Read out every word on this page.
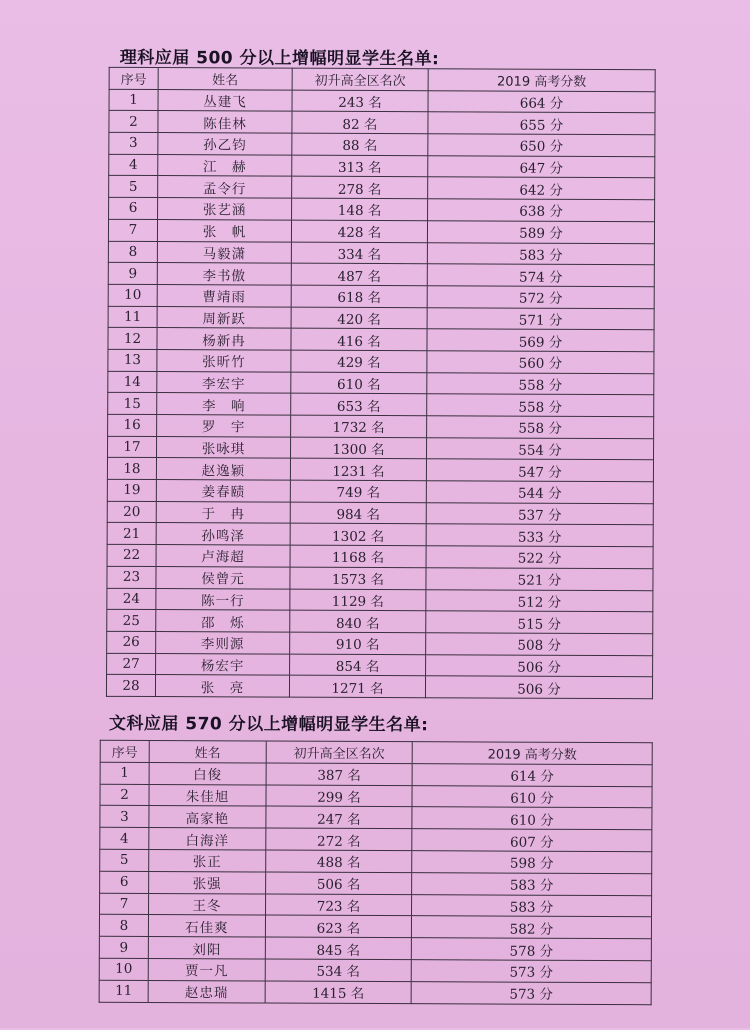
理科应届 500 分以上增幅明显学生名单:
序号	姓名	初升高全区名次	2019 高考分数
1	丛建飞	243 名	664 分
2	陈佳林	82 名	655 分
3	孙乙钧	88 名	650 分
4	江　赫	313 名	647 分
5	孟令行	278 名	642 分
6	张艺涵	148 名	638 分
7	张　帆	428 名	589 分
8	马毅潇	334 名	583 分
9	李书傲	487 名	574 分
10	曹靖雨	618 名	572 分
11	周新跃	420 名	571 分
12	杨新冉	416 名	569 分
13	张昕竹	429 名	560 分
14	李宏宇	610 名	558 分
15	李　响	653 名	558 分
16	罗　宇	1732 名	558 分
17	张咏琪	1300 名	554 分
18	赵逸颖	1231 名	547 分
19	姜春赜	749 名	544 分
20	于　冉	984 名	537 分
21	孙鸣泽	1302 名	533 分
22	卢海超	1168 名	522 分
23	侯曾元	1573 名	521 分
24	陈一行	1129 名	512 分
25	邵　烁	840 名	515 分
26	李则源	910 名	508 分
27	杨宏宇	854 名	506 分
28	张　亮	1271 名	506 分
文科应届 570 分以上增幅明显学生名单:
序号	姓名	初升高全区名次	2019 高考分数
1	白俊	387 名	614 分
2	朱佳旭	299 名	610 分
3	高家艳	247 名	610 分
4	白海洋	272 名	607 分
5	张正	488 名	598 分
6	张强	506 名	583 分
7	王冬	723 名	583 分
8	石佳爽	623 名	582 分
9	刘阳	845 名	578 分
10	贾一凡	534 名	573 分
11	赵忠瑞	1415 名	573 分
